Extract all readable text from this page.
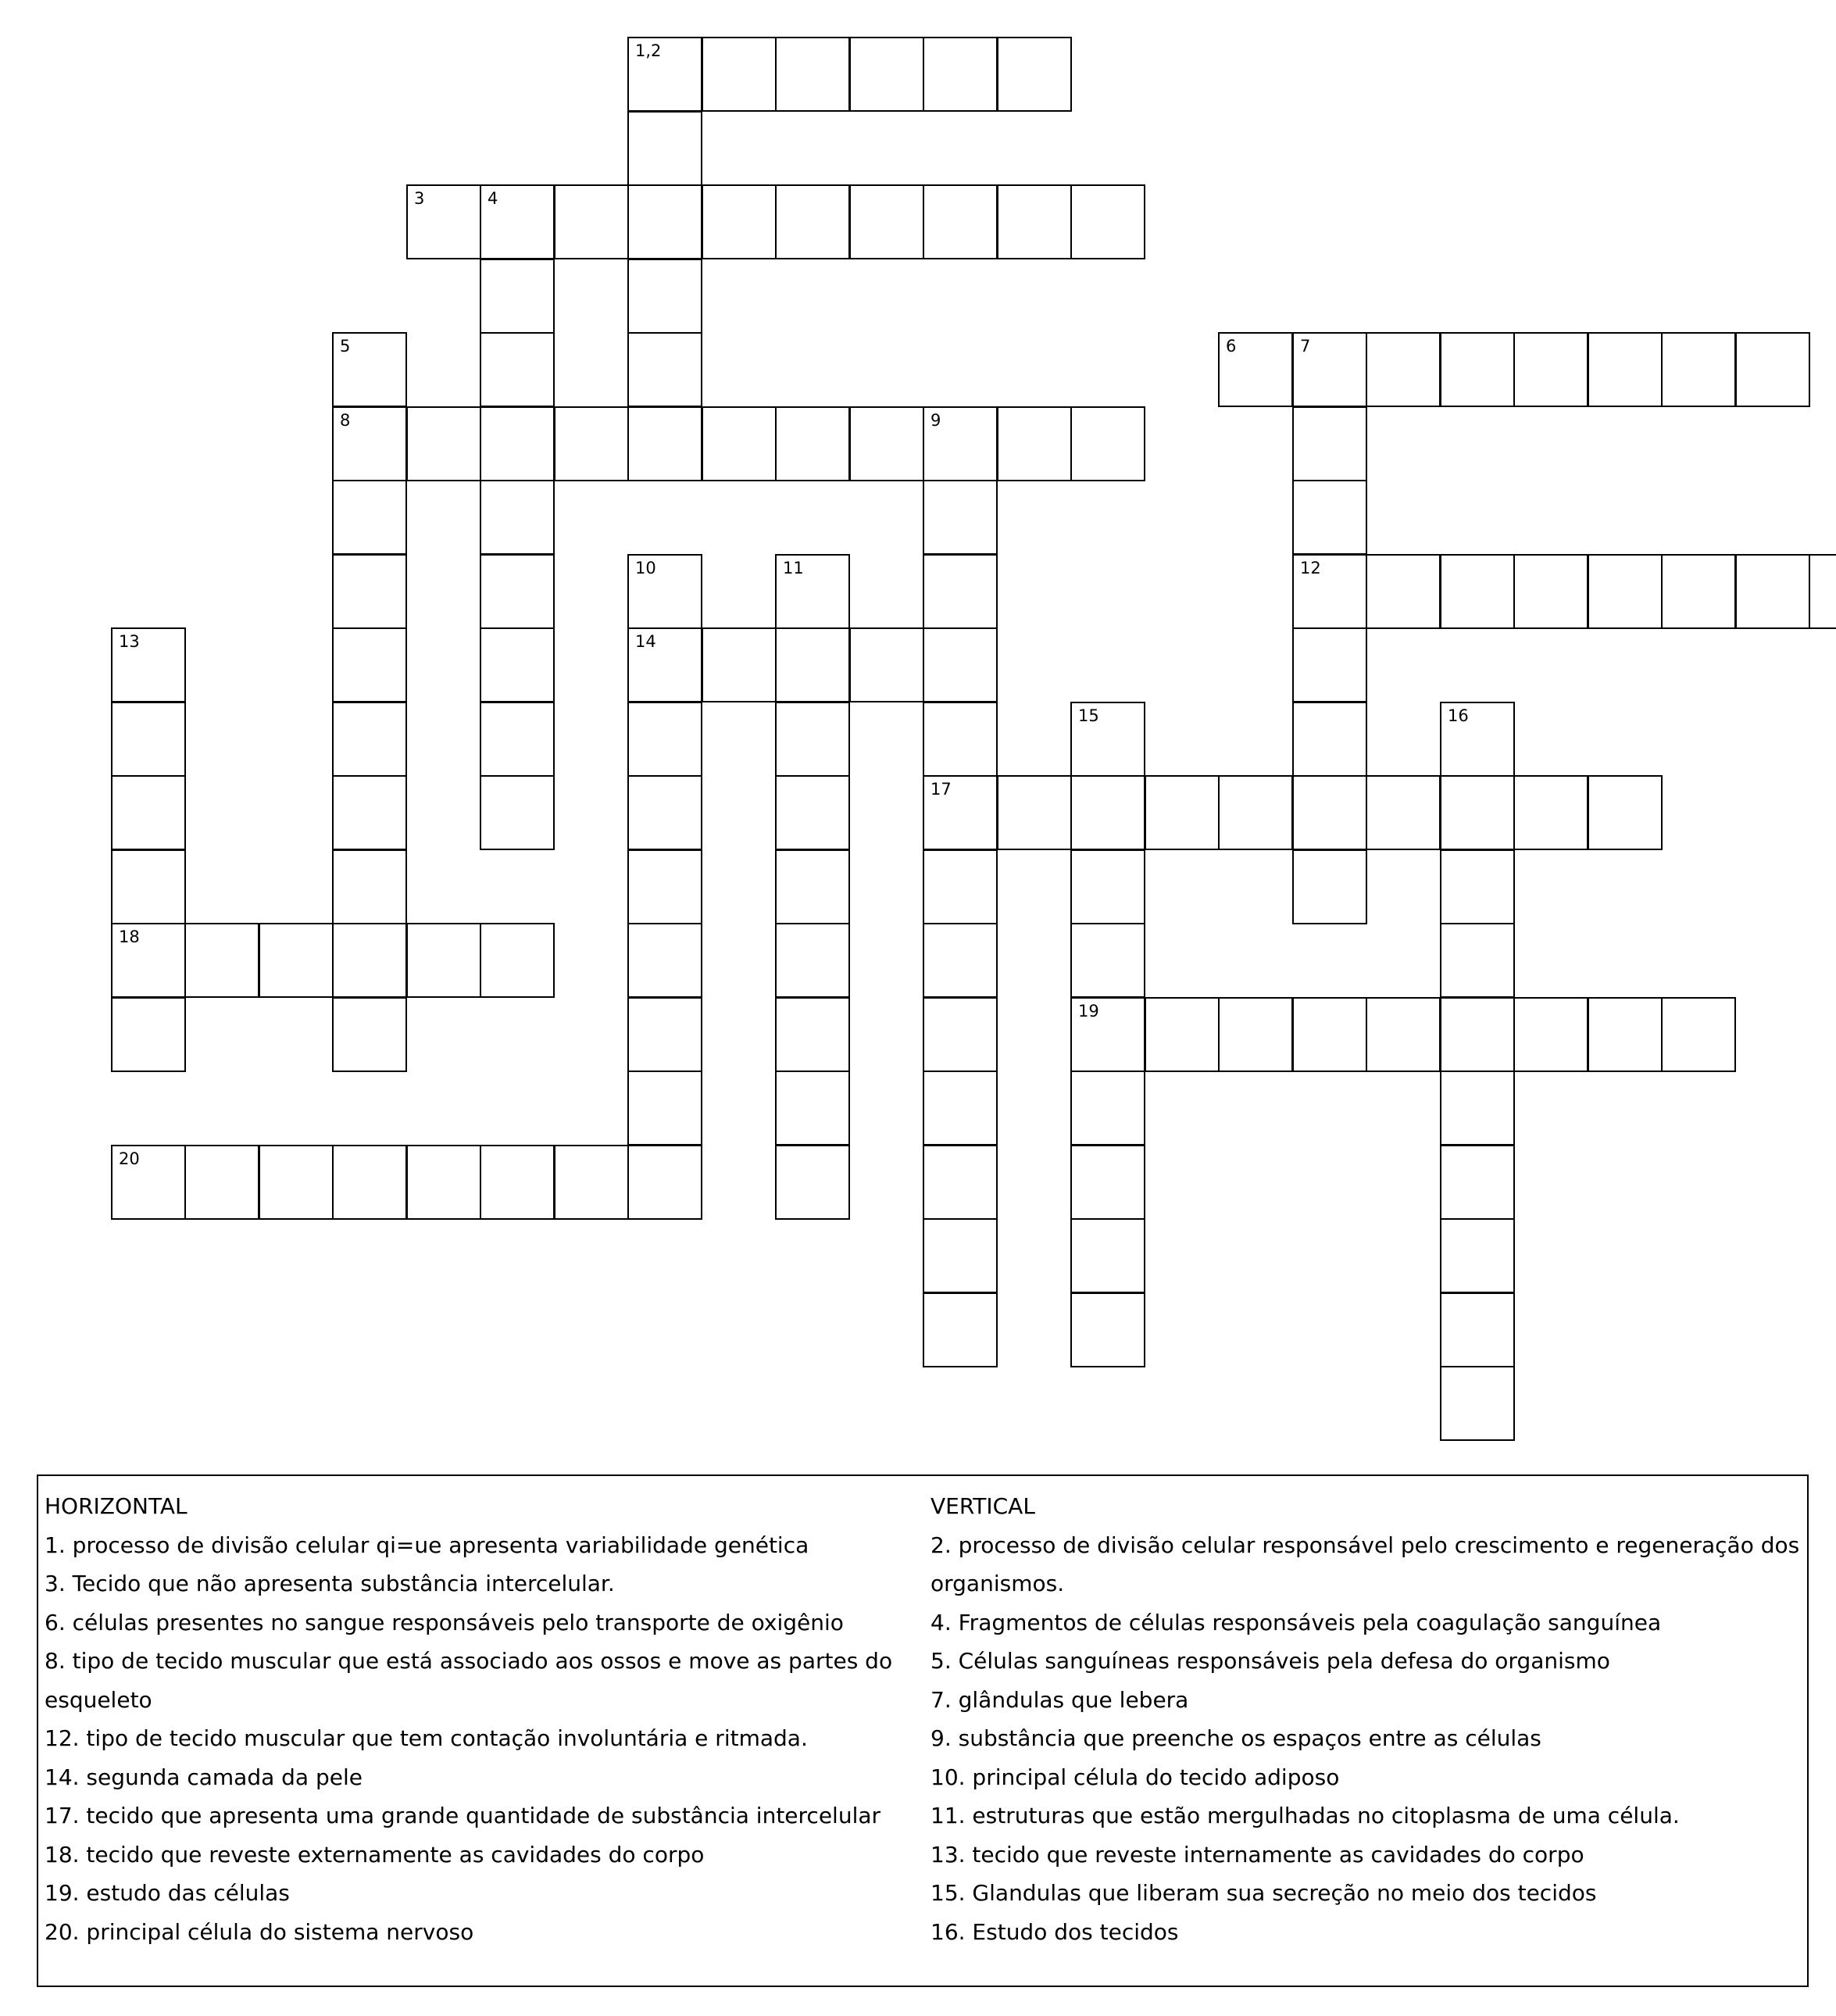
1,2
3	4
5
8
6	7
12
9
17
10
14
11
13
18
15
19
16
20
HORIZONTAL
1. processo de divisão celular qi=ue apresenta variabilidade genética
3. Tecido que não apresenta substância intercelular.
6. células presentes no sangue responsáveis pelo transporte de oxigênio
8. tipo de tecido muscular que está associado aos ossos e move as partes do
esqueleto
12. tipo de tecido muscular que tem contação involuntária e ritmada.
14. segunda camada da pele
17. tecido que apresenta uma grande quantidade de substância intercelular
18. tecido que reveste externamente as cavidades do corpo
19. estudo das células
20. principal célula do sistema nervoso
VERTICAL
2. processo de divisão celular responsável pelo crescimento e regeneração dos
organismos.
4. Fragmentos de células responsáveis pela coagulação sanguínea
5. Células sanguíneas responsáveis pela defesa do organismo
7. glândulas que lebera
9. substância que preenche os espaços entre as células
10. principal célula do tecido adiposo
11. estruturas que estão mergulhadas no citoplasma de uma célula.
13. tecido que reveste internamente as cavidades do corpo
15. Glandulas que liberam sua secreção no meio dos tecidos
16. Estudo dos tecidos
